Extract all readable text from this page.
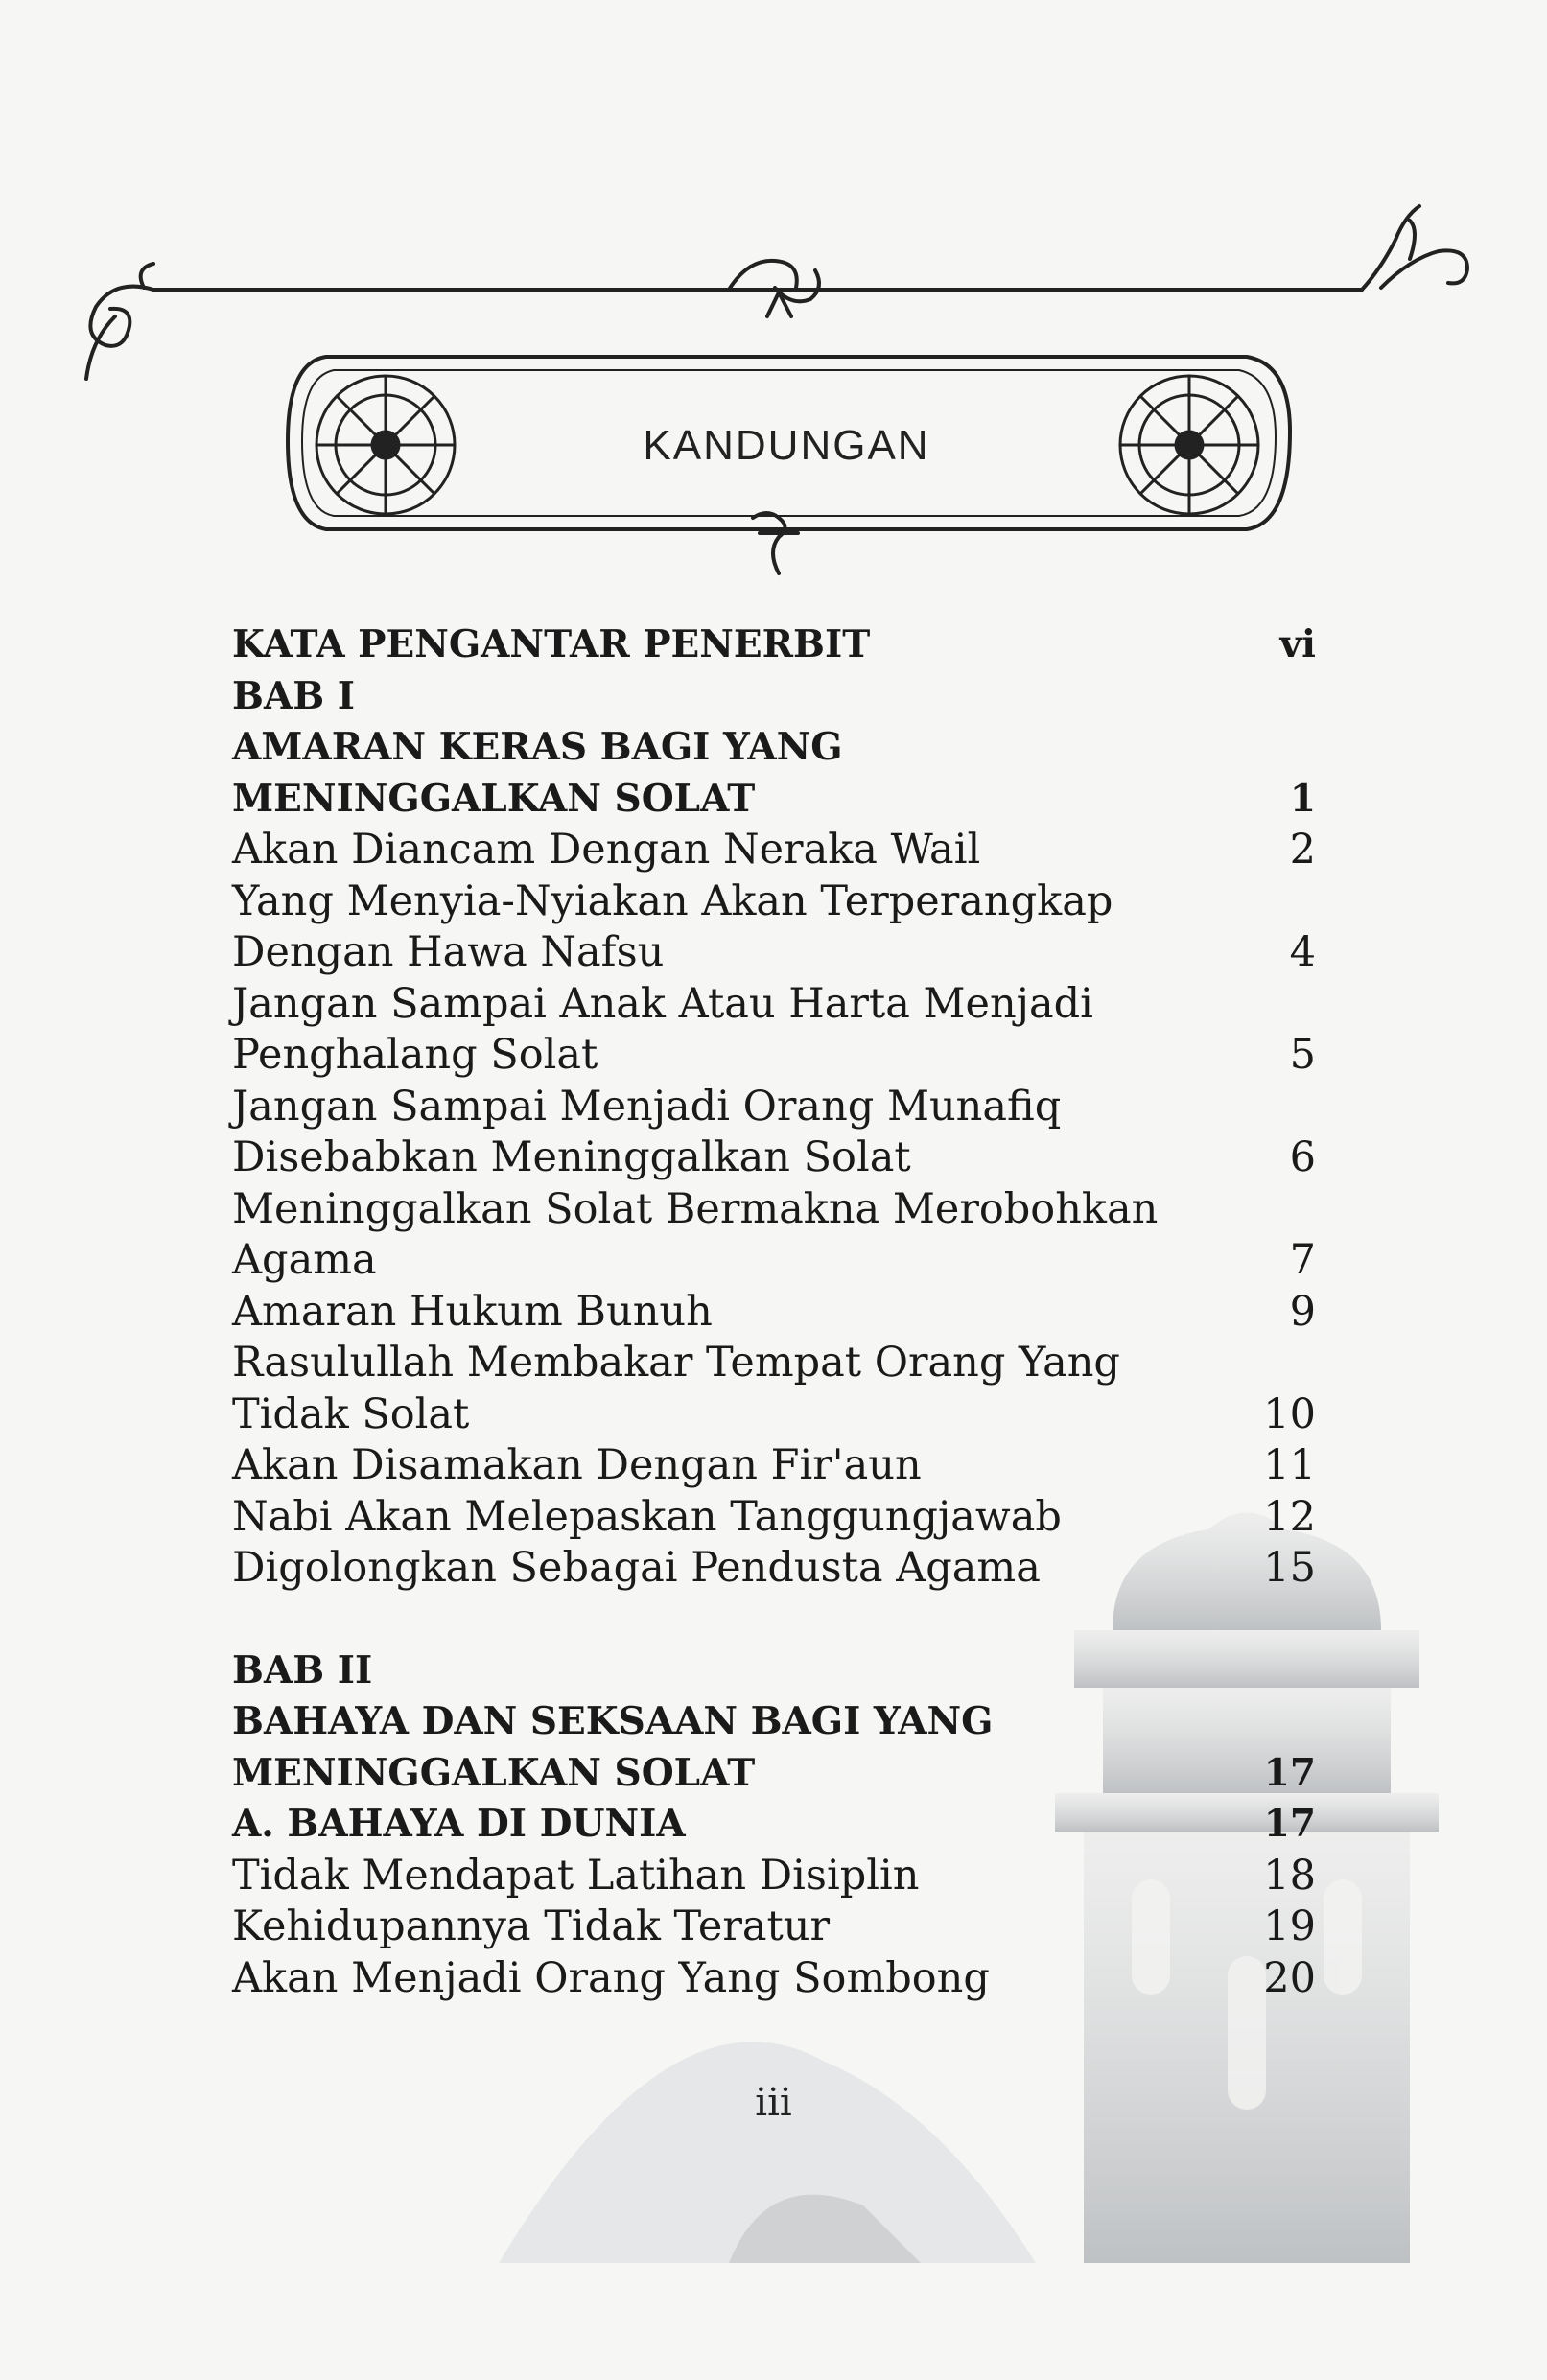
KANDUNGAN
KATA PENGANTAR PENERBIT	vi
BAB I
AMARAN KERAS BAGI YANG
MENINGGALKAN SOLAT	1
Akan Diancam Dengan Neraka Wail	2
Yang Menyia-Nyiakan Akan Terperangkap
Dengan Hawa Nafsu	4
Jangan Sampai Anak Atau Harta Menjadi
Penghalang Solat	5
Jangan Sampai Menjadi Orang Munafiq
Disebabkan Meninggalkan Solat	6
Meninggalkan Solat Bermakna Merobohkan
Agama	7
Amaran Hukum Bunuh	9
Rasulullah Membakar Tempat Orang Yang
Tidak Solat	10
Akan Disamakan Dengan Fir'aun	11
Nabi Akan Melepaskan Tanggungjawab	12
Digolongkan Sebagai Pendusta Agama	15
BAB II
BAHAYA DAN SEKSAAN BAGI YANG
MENINGGALKAN SOLAT	17
A. BAHAYA DI DUNIA	17
Tidak Mendapat Latihan Disiplin	18
Kehidupannya Tidak Teratur	19
Akan Menjadi Orang Yang Sombong	20
iii
